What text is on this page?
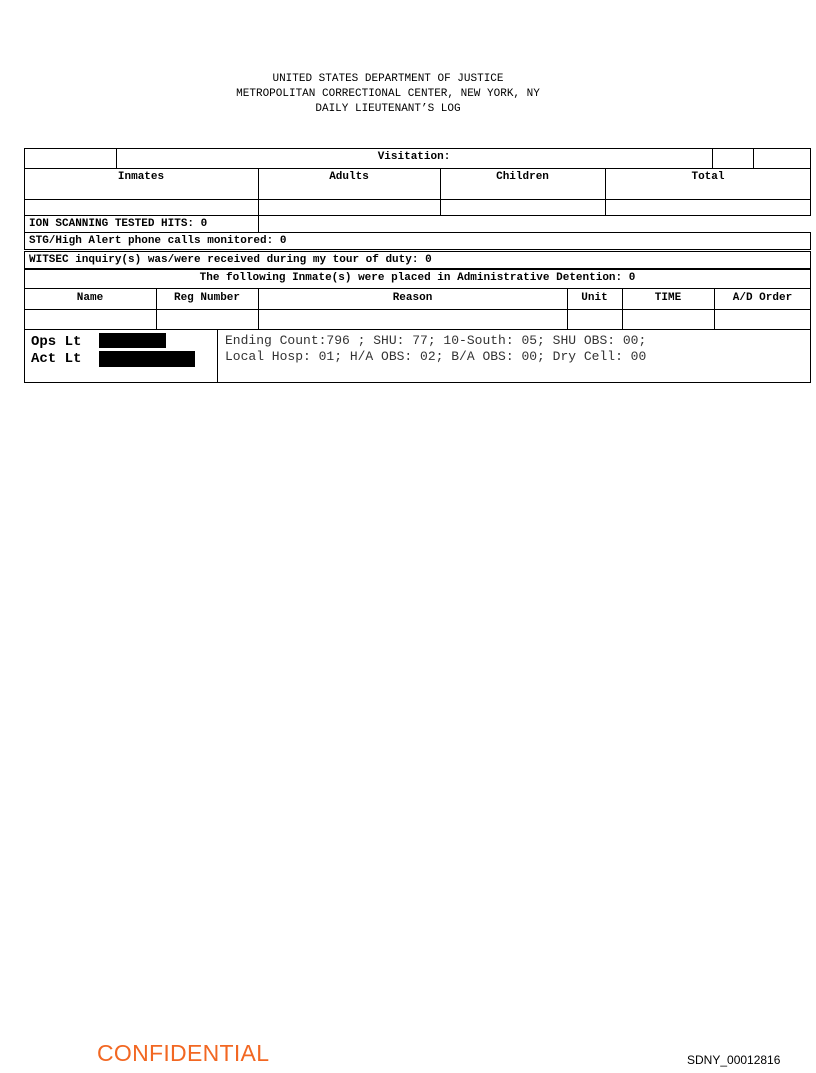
UNITED STATES DEPARTMENT OF JUSTICE
METROPOLITAN CORRECTIONAL CENTER, NEW YORK, NY
DAILY LIEUTENANT’S LOG
Visitation:
Inmates	Adults	Children	Total
ION SCANNING TESTED HITS: 0
STG/High Alert phone calls monitored: 0
WITSEC inquiry(s) was/were received during my tour of duty: 0
The following Inmate(s) were placed in Administrative Detention: 0
Name	Reg Number	Reason	Unit	TIME	A/D Order
Ops Lt
Act Lt
Ending Count:796 ; SHU: 77; 10-South: 05; SHU OBS: 00;
Local Hosp: 01; H/A OBS: 02; B/A OBS: 00; Dry Cell: 00
CONFIDENTIAL	SDNY_00012816
